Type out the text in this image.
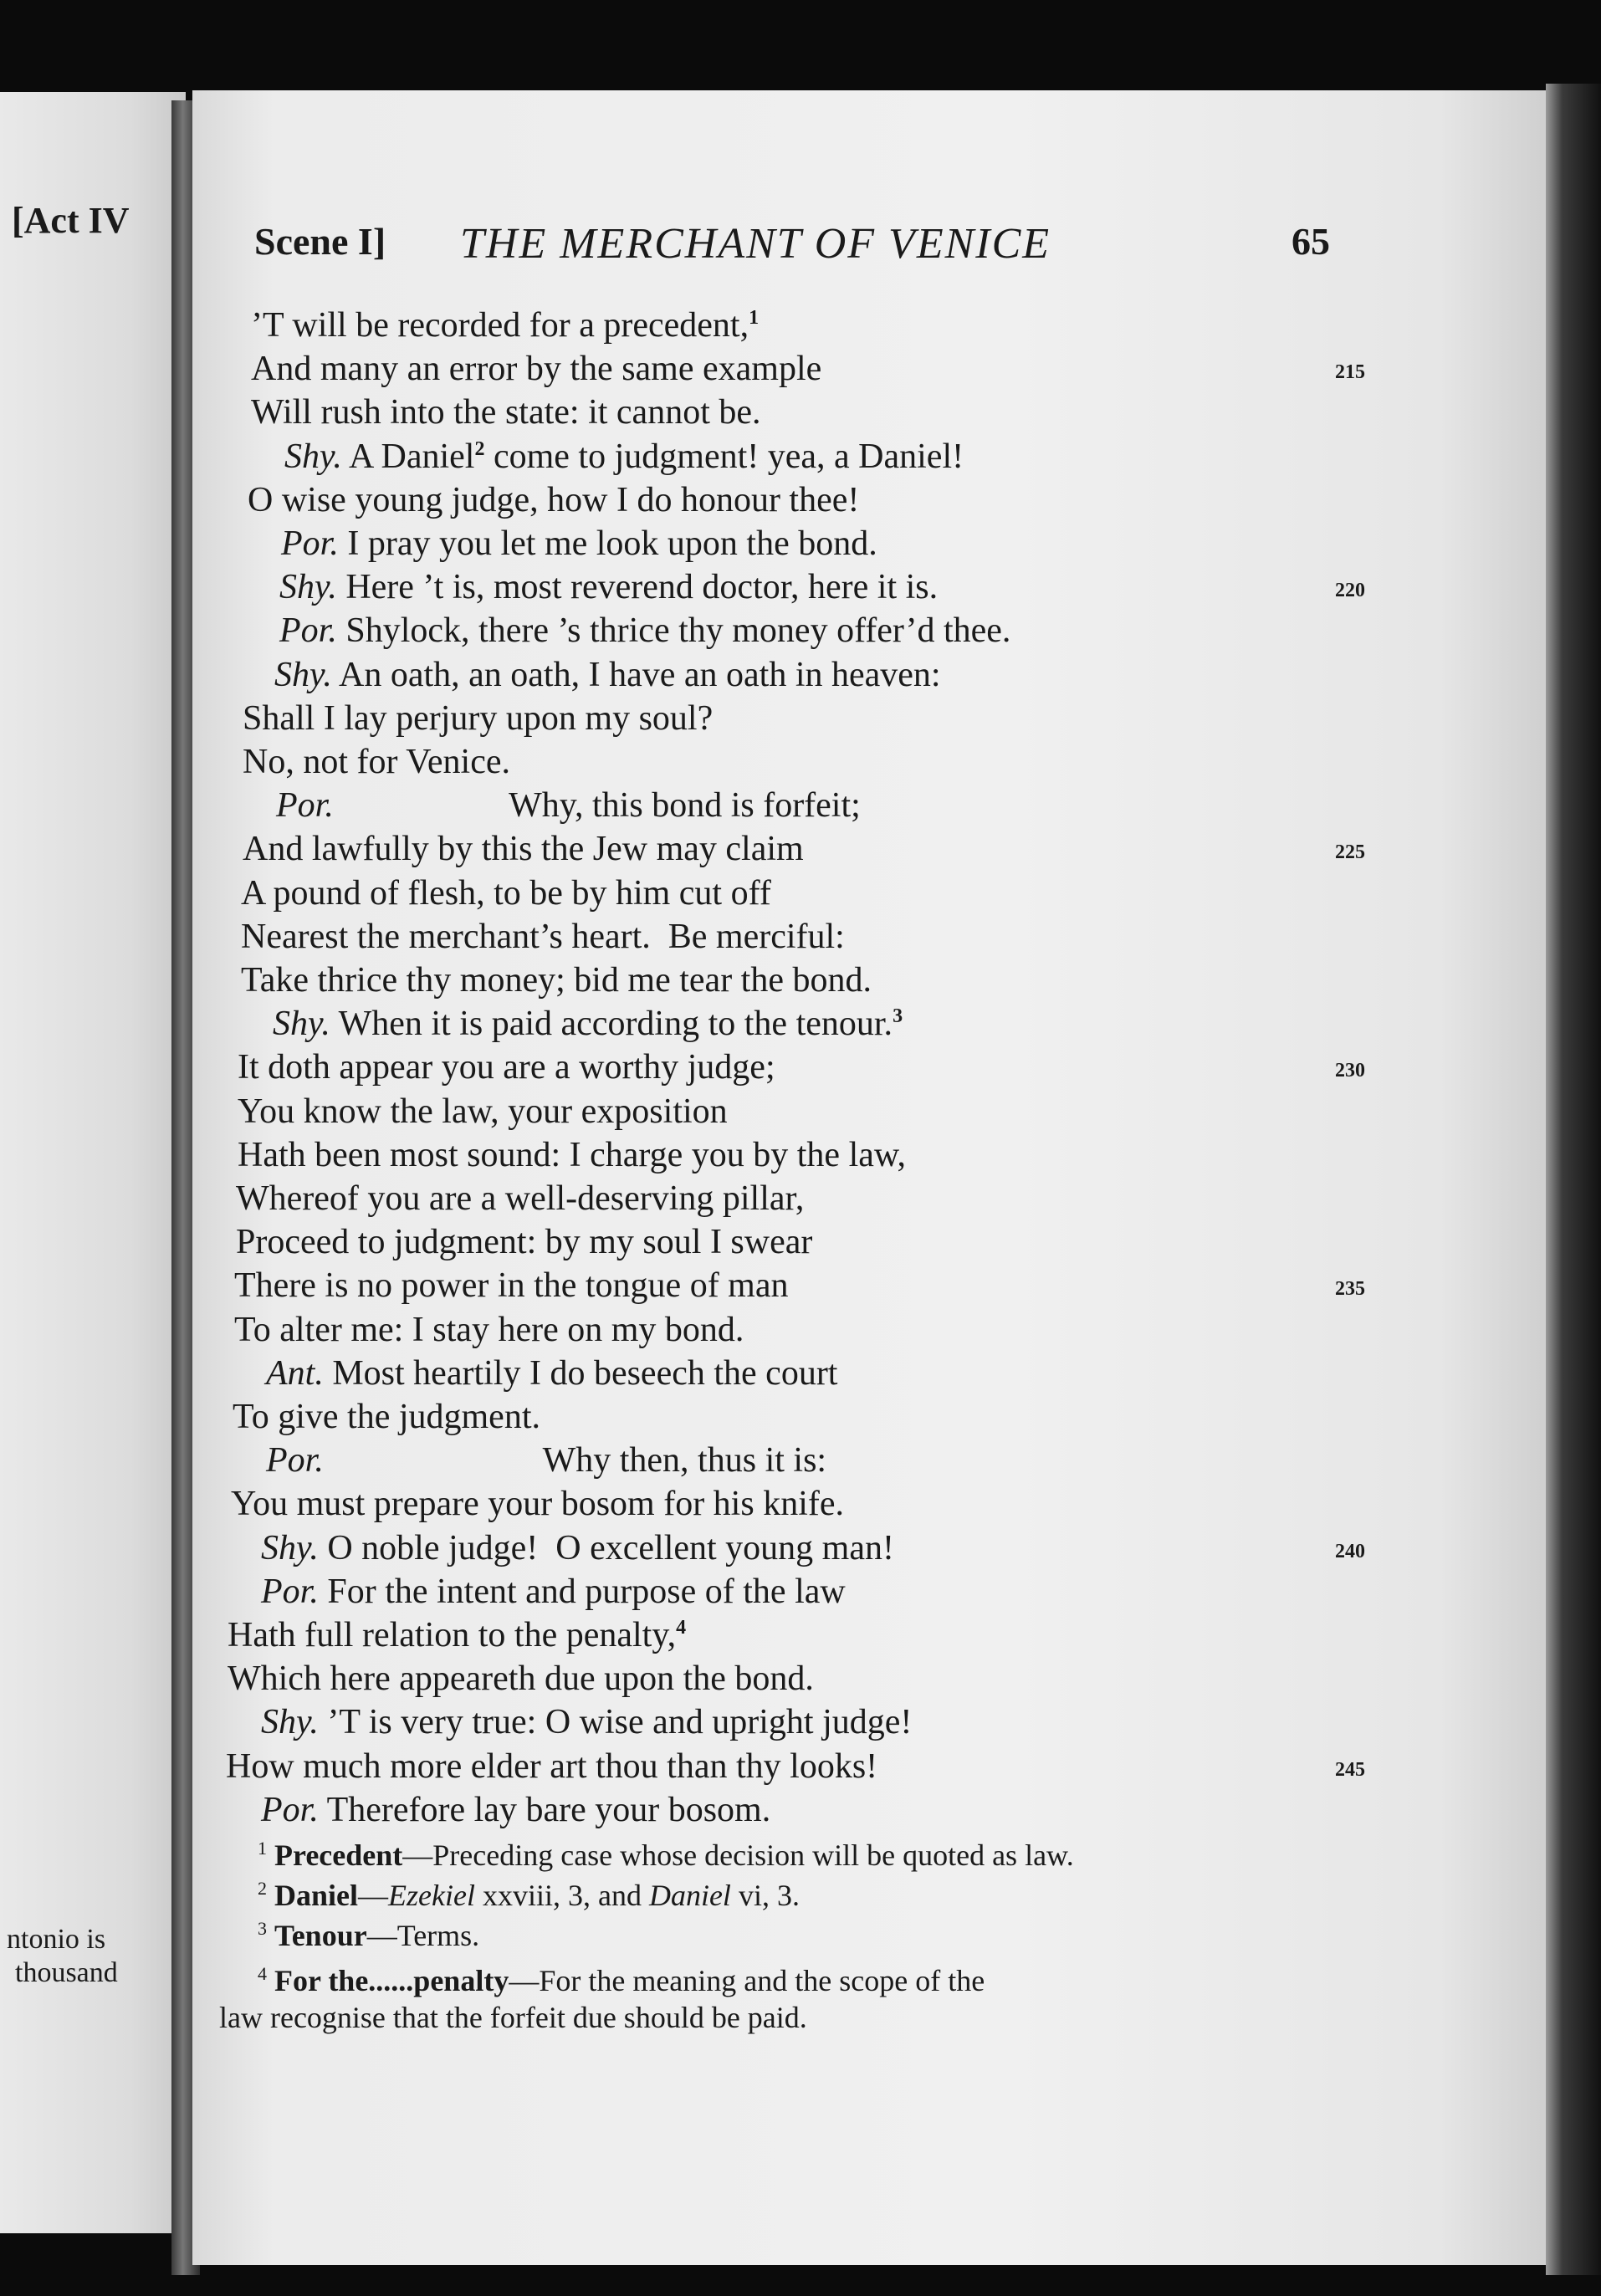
[Act IV
ntonio is
thousand
Scene I] THE MERCHANT OF VENICE	65
’T will be recorded for a precedent,$^1$
And many an error by the same example
Will rush into the state: it cannot be.
Shy. A Daniel$^2$ come to judgment! yea, a Daniel!
O wise young judge, how I do honour thee!
Por. I pray you let me look upon the bond.
Shy. Here ’t is, most reverend doctor, here it is.
Por. Shylock, there ’s thrice thy money offer’d thee.
Shy. An oath, an oath, I have an oath in heaven:
Shall I lay perjury upon my soul?
No, not for Venice.
Por.                    Why, this bond is forfeit;
And lawfully by this the Jew may claim
A pound of flesh, to be by him cut off
Nearest the merchant’s heart.  Be merciful:
Take thrice thy money; bid me tear the bond.
Shy. When it is paid according to the tenour.$^3$
It doth appear you are a worthy judge;
You know the law, your exposition
Hath been most sound: I charge you by the law,
Whereof you are a well-deserving pillar,
Proceed to judgment: by my soul I swear
There is no power in the tongue of man
To alter me: I stay here on my bond.
Ant. Most heartily I do beseech the court
To give the judgment.
Por.                         Why then, thus it is:
You must prepare your bosom for his knife.
Shy. O noble judge!  O excellent young man!
Por. For the intent and purpose of the law
Hath full relation to the penalty,$^4$
Which here appeareth due upon the bond.
Shy. ’T is very true: O wise and upright judge!
How much more elder art thou than thy looks!
Por. Therefore lay bare your bosom.
215
220
225
230
235
240
245
$^1$ Precedent—Preceding case whose decision will be quoted as law.
$^2$ Daniel—Ezekiel xxviii, 3, and Daniel vi, 3.
$^3$ Tenour—Terms.
$^4$ For the......penalty—For the meaning and the scope of the
law recognise that the forfeit due should be paid.
